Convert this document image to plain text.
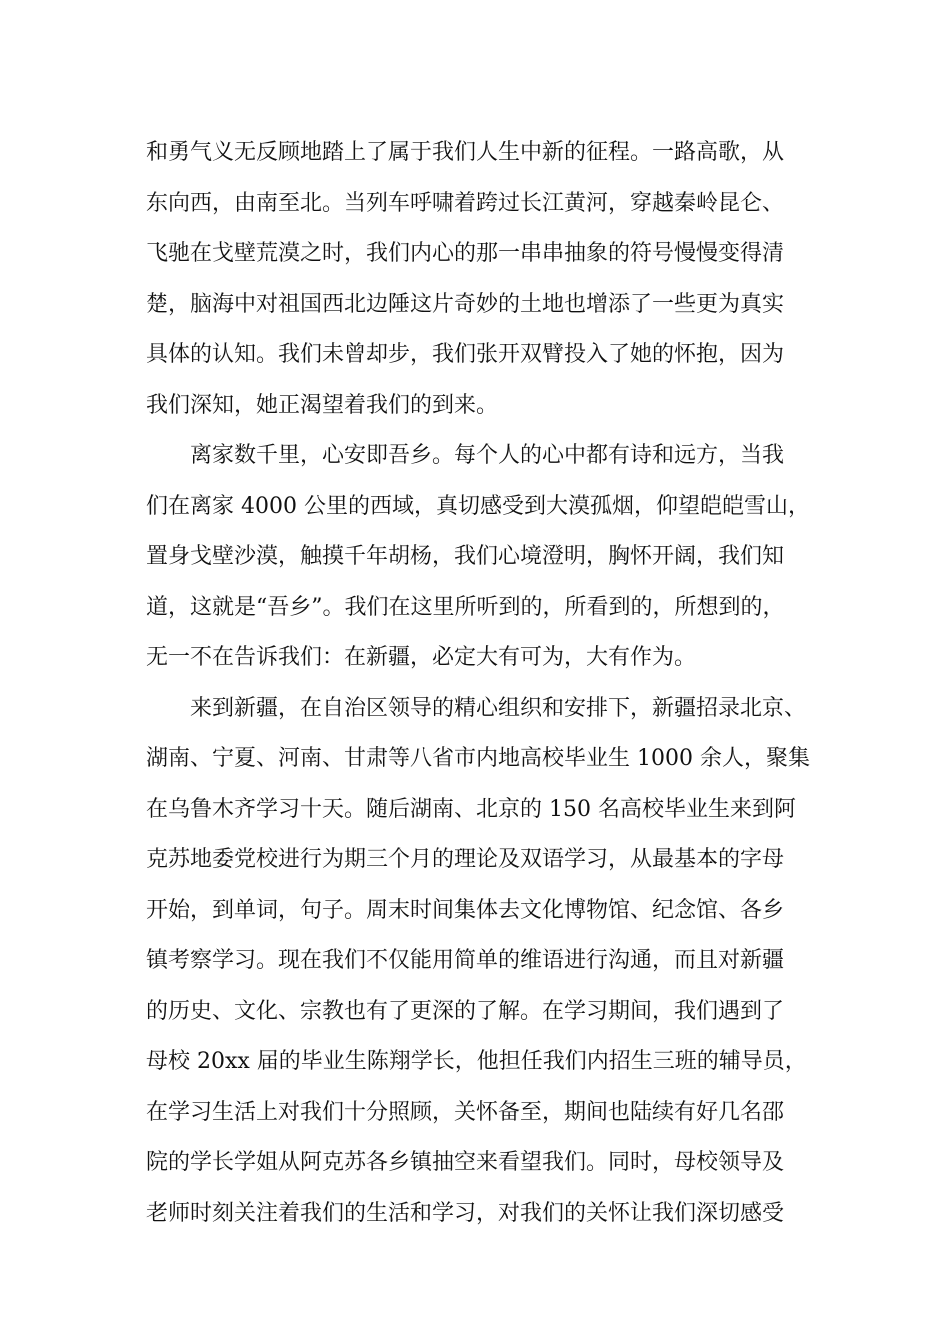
和勇气义无反顾地踏上了属于我们人生中新的征程。一路高歌，从
东向西，由南至北。当列车呼啸着跨过长江黄河，穿越秦岭昆仑、
飞驰在戈壁荒漠之时，我们内心的那一串串抽象的符号慢慢变得清
楚，脑海中对祖国西北边陲这片奇妙的土地也增添了一些更为真实
具体的认知。我们未曾却步，我们张开双臂投入了她的怀抱，因为
我们深知，她正渴望着我们的到来。
离家数千里，心安即吾乡。每个人的心中都有诗和远方，当我
们在离家 4000 公里的西域，真切感受到大漠孤烟，仰望皑皑雪山，
置身戈壁沙漠，触摸千年胡杨，我们心境澄明，胸怀开阔，我们知
道，这就是“吾乡”。我们在这里所听到的，所看到的，所想到的，
无一不在告诉我们：在新疆，必定大有可为，大有作为。
来到新疆，在自治区领导的精心组织和安排下，新疆招录北京、
湖南、宁夏、河南、甘肃等八省市内地高校毕业生 1000 余人，聚集
在乌鲁木齐学习十天。随后湖南、北京的 150 名高校毕业生来到阿
克苏地委党校进行为期三个月的理论及双语学习，从最基本的字母
开始，到单词，句子。周末时间集体去文化博物馆、纪念馆、各乡
镇考察学习。现在我们不仅能用简单的维语进行沟通，而且对新疆
的历史、文化、宗教也有了更深的了解。在学习期间，我们遇到了
母校 20xx 届的毕业生陈翔学长，他担任我们内招生三班的辅导员，
在学习生活上对我们十分照顾，关怀备至，期间也陆续有好几名邵
院的学长学姐从阿克苏各乡镇抽空来看望我们。同时，母校领导及
老师时刻关注着我们的生活和学习，对我们的关怀让我们深切感受
